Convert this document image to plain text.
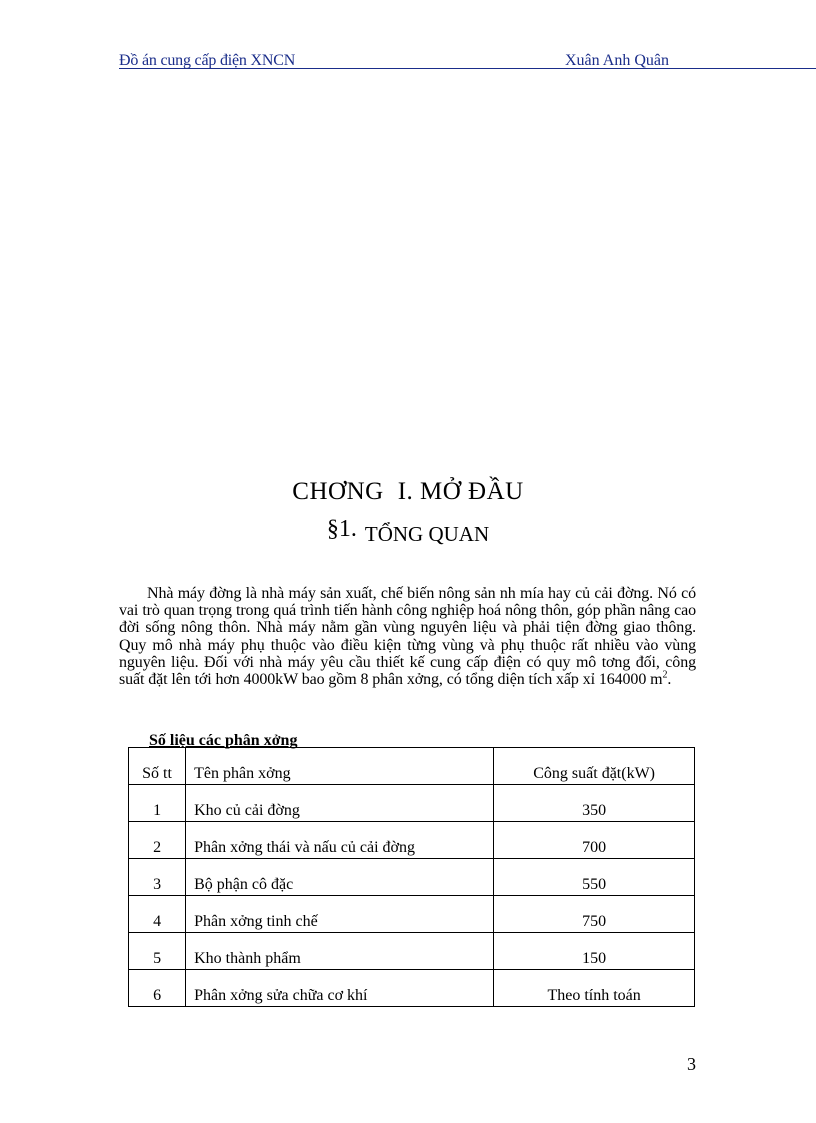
Đồ án cung cấp điện XNCN	Xuân Anh Quân
CHƠNG I. MỞ ĐẦU
§1. TỔNG QUAN

Nhà máy đờng là nhà máy sản xuất, chế biến nông sản nh mía hay củ cải đờng. Nó có vai trò quan trọng trong quá trình tiến hành công nghiệp hoá nông thôn, góp phần nâng cao đời sống nông thôn. Nhà máy nằm gần vùng nguyên liệu và phải tiện đờng giao thông. Quy mô nhà máy phụ thuộc vào điều kiện từng vùng và phụ thuộc rất nhiều vào vùng nguyên liệu. Đối với nhà máy yêu cầu thiết kế cung cấp điện có quy mô tơng đối, công suất đặt lên tới hơn 4000kW bao gồm 8 phân xởng, có tổng diện tích xấp xỉ 164000 $m^2$.

Số liệu các phân xởng
Số tt	Tên phân xởng	Công suất đặt(kW)
1	Kho củ cải đờng	350
2	Phân xởng thái và nấu củ cải đờng	700
3	Bộ phận cô đặc	550
4	Phân xởng tinh chế	750
5	Kho thành phẩm	150
6	Phân xởng sửa chữa cơ khí	Theo tính toán
3
